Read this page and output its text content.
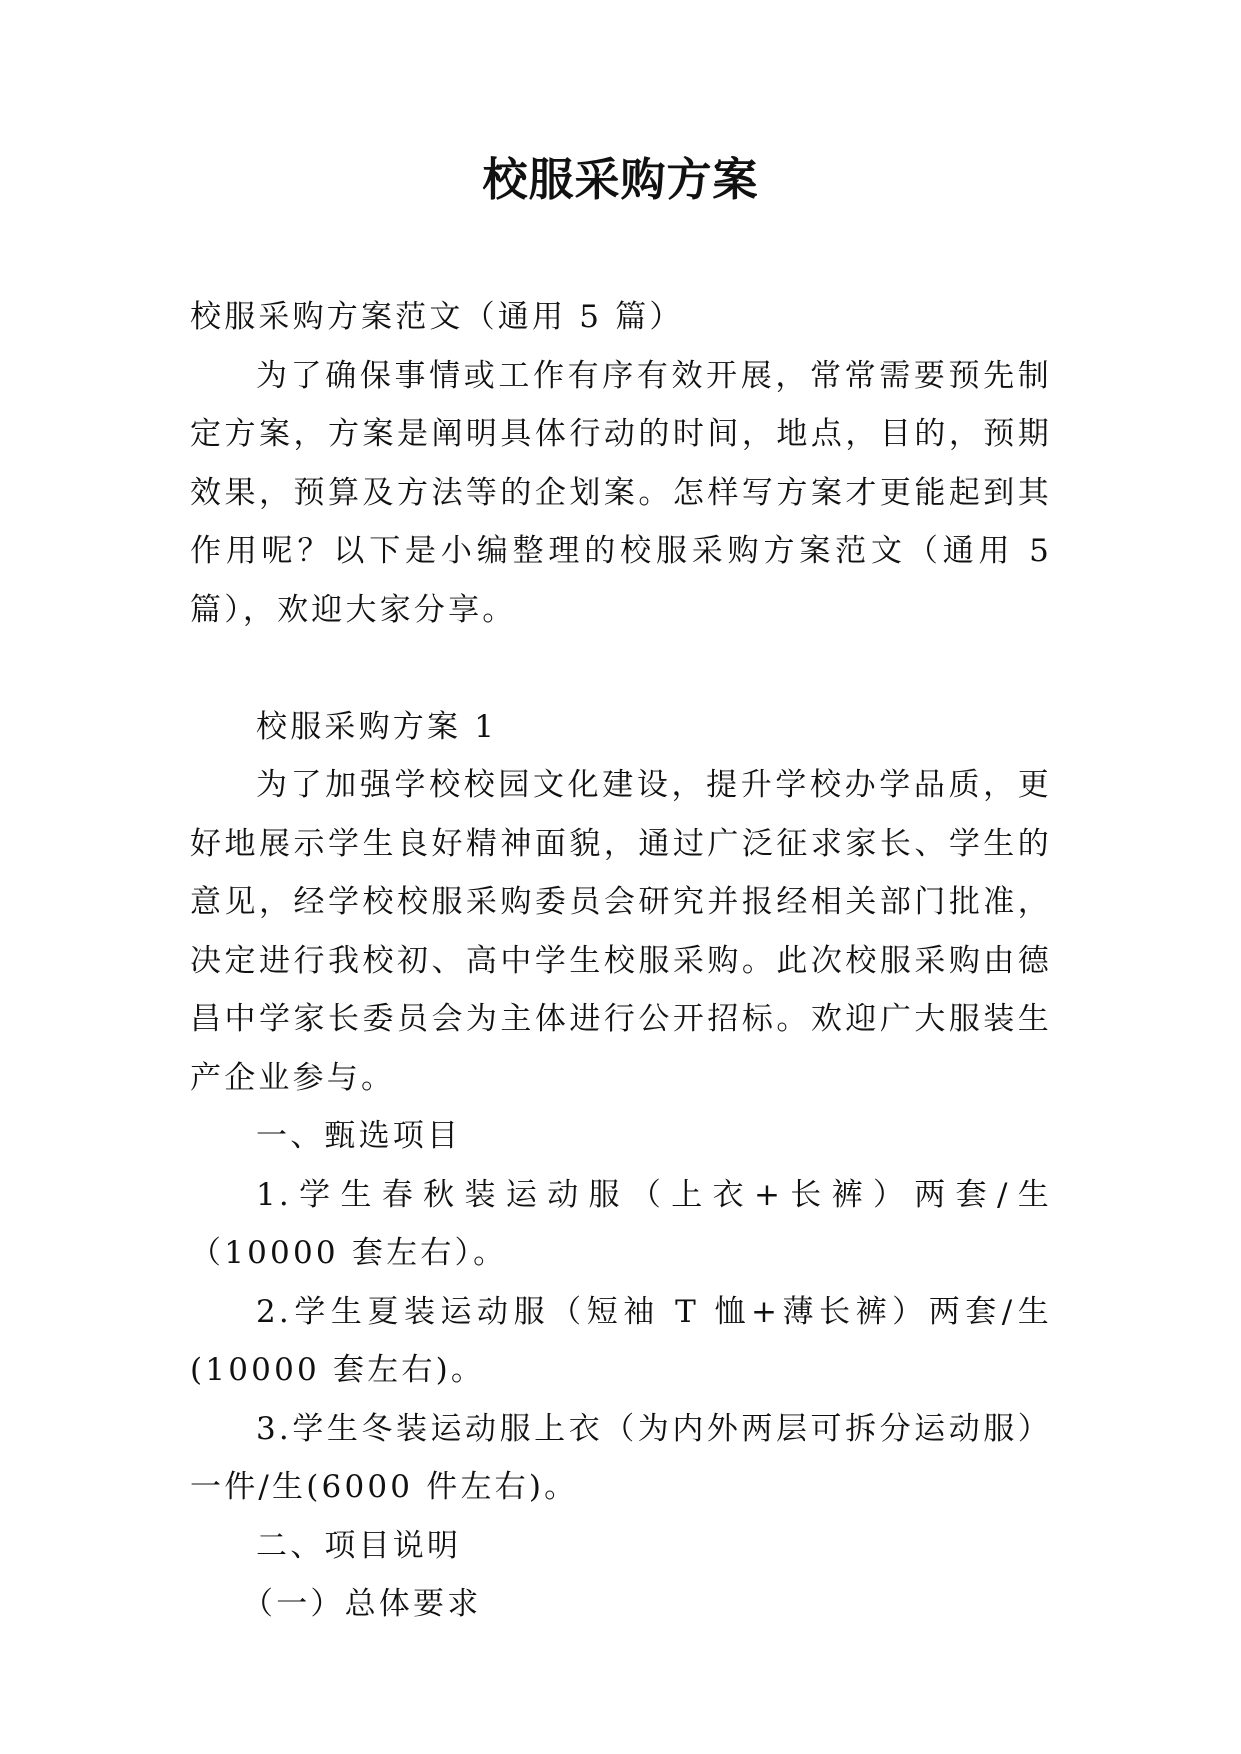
校服采购方案

校服采购方案范文（通用 5 篇）

为了确保事情或工作有序有效开展，常常需要预先制定方案，方案是阐明具体行动的时间，地点，目的，预期效果，预算及方法等的企划案。怎样写方案才更能起到其作用呢？以下是小编整理的校服采购方案范文（通用 5 篇），欢迎大家分享。

校服采购方案 1

为了加强学校校园文化建设，提升学校办学品质，更好地展示学生良好精神面貌，通过广泛征求家长、学生的意见，经学校校服采购委员会研究并报经相关部门批准，决定进行我校初、高中学生校服采购。此次校服采购由德昌中学家长委员会为主体进行公开招标。欢迎广大服装生产企业参与。

一、甄选项目

1.学生春秋装运动服（上衣+长裤）两套/生（10000 套左右）。

2.学生夏装运动服（短袖 T 恤+薄长裤）两套/生(10000 套左右)。

3.学生冬装运动服上衣（为内外两层可拆分运动服）一件/生(6000 件左右)。

二、项目说明

（一）总体要求
